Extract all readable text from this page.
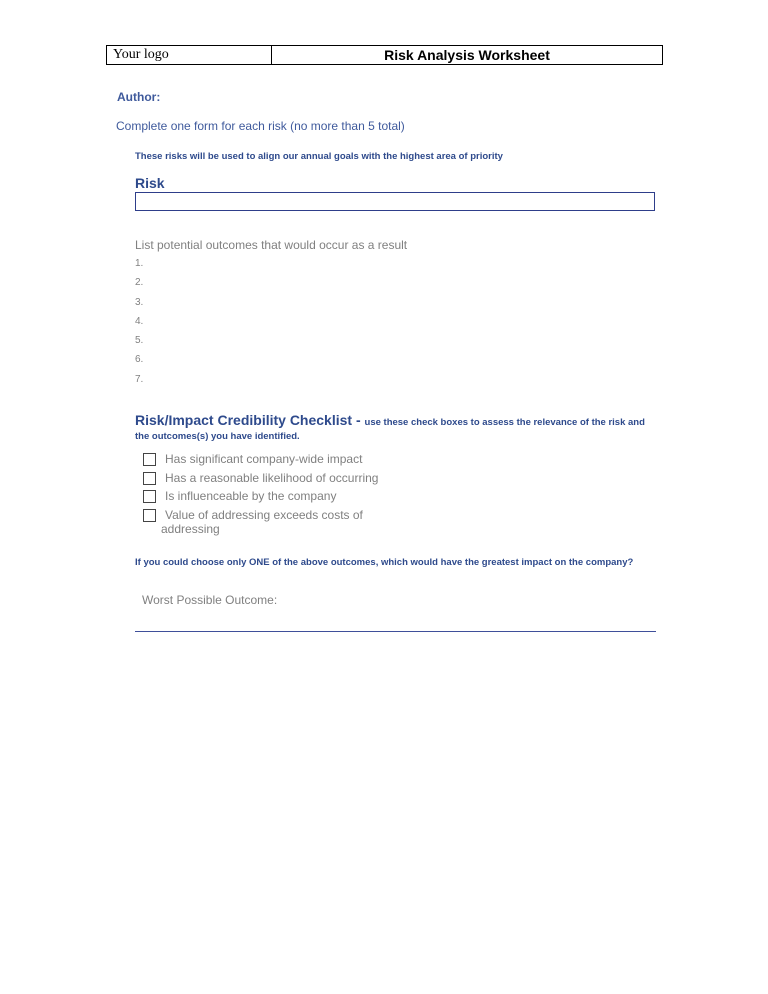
Your logo	Risk Analysis Worksheet
Author:
Complete one form for each risk (no more than 5 total)
These risks will be used to align our annual goals with the highest area of priority
Risk
List potential outcomes that would occur as a result
1.
2.
3.
4.
5.
6.
7.
Risk/Impact Credibility Checklist - use these check boxes to assess the relevance of the risk and the outcomes(s) you have identified.
Has significant company-wide impact
Has a reasonable likelihood of occurring
Is influenceable by the company
Value of addressing exceeds costs of
addressing
If you could choose only ONE of the above outcomes, which would have the greatest impact on the company?
Worst Possible Outcome:
